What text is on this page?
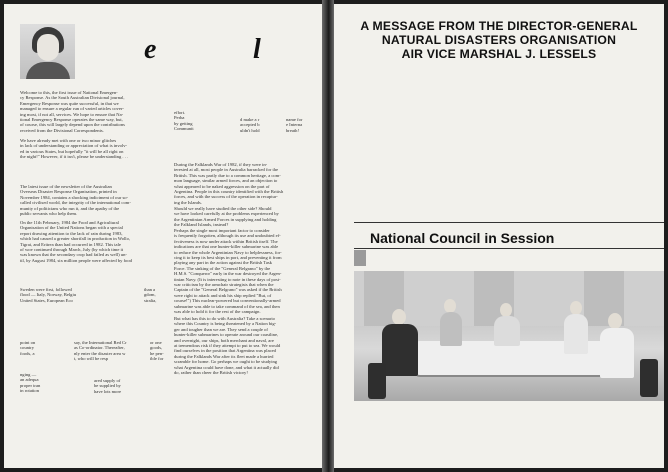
e	l
Welcome to this, the first issue of National Emergen-
cy Response. As the South Australian Divisional journal,
Emergency Response was quite successful, in that we
managed to ensure a regular run of varied articles cover-
ing most, if not all, services. We hope to ensure that Na-
tional Emergency Response operates the same way, but,
of course, this will largely depend upon the contributions
received from the Divisional Correspondents.
We have already met with one or two minor glitches
in lack of understanding or appreciation of what is involv-
ed in various States, but hopefully "it will be all right on
the night!" However, if it isn't, please be understanding . . .
The latest issue of the newsletter of the Australian
Overseas Disaster Response Organisation, printed in
November 1984, contains a shocking indictment of our so-
called civilised world, the integrity of the international com-
munity of politicians who run it, and the apathy of the
public servants who help them.
On the 11th February, 1984 the Food and Agricultural
Organisation of the United Nations began with a special
report drawing attention to the lack of rain during 1983,
which had caused a greater shortfall in production in Wollo,
Tigrai, and Eritrea than had occurred in 1982. This tale
of woe continued through March, July (by which time it
was known that the secondary crop had failed as well) un-
til, by August 1984, six million people were affected by food
Sweden were first, followed
flood — Italy, Norway, Belgiu
United States, European Eco
than a
gdom,
stralia,
point on
country
foods, a
say, the International Red Cr
as Co-ordinator. Thereafter,
nly enter the disaster area w
t, who will be resp
or one
goods,
he pen-
ible for
nging —
an adequa
proper tran
in rotation
ared supply of
be supplied by
have lots more
effort.
Perha
by getting
Communit
d make a r
accepted b
uldn't hold
name for
e Interna
breath!
During the Falklands War of 1982, if they were in-
terested at all, most people in Australia barracked for the
British. This was partly due to a common heritage, a com-
mon language, similar armed forces, and an objection to
what appeared to be naked aggression on the part of
Argentina. People in this country identified with the British
forces, and with the success of the operation in recaptur-
ing the Islands.
Should we really have studied the other side? Should
we have looked carefully at the problems experienced by
the Argentinian Armed Forces in supplying and holding
the Falkland Islands, instead?
Perhaps the single most important factor to consider
is frequently forgotten, although its use and undoubted ef-
fectiveness is now under attack within British itself. The
indications are that one hunter-killer submarine was able
to reduce the whole Argentinian Navy to helplessness, for-
cing it to keep its best ships in port, and preventing it from
playing any part in the action against the British Task
Force. The sinking of the "General Belgrano" by the
H.M.S. "Conqueror" early in the war destroyed the Argen-
tinian Navy. (It is interesting to note in these days of post-
war criticism by the armchair strategists that when the
Captain of the "General Belgrano" was asked if the British
were right to attack and sink his ship replied "But, of
course!") This nuclear-powered but conventionally-armed
submarine was able to take command of the sea, and then
was able to hold it for the rest of the campaign.
But what has this to do with Australia? Take a scenario
where this Country is being threatened by a Nation big-
ger and tougher than we are. They send a couple of
hunter-killer submarines to operate around our coastline,
and overnight, our ships, both merchant and naval, are
at tremendous risk if they attempt to put to sea. We would
find ourselves in the position that Argentina was placed
during the Falklands War after its fleet made a hurried
scramble for home. Go perhaps we ought to be studying
what Argentina could have done, and what it actually did
do, rather than cheer the British victory!
A MESSAGE FROM THE DIRECTOR-GENERAL
NATURAL DISASTERS ORGANISATION
AIR VICE MARSHAL J. LESSELS
National Council in Session
